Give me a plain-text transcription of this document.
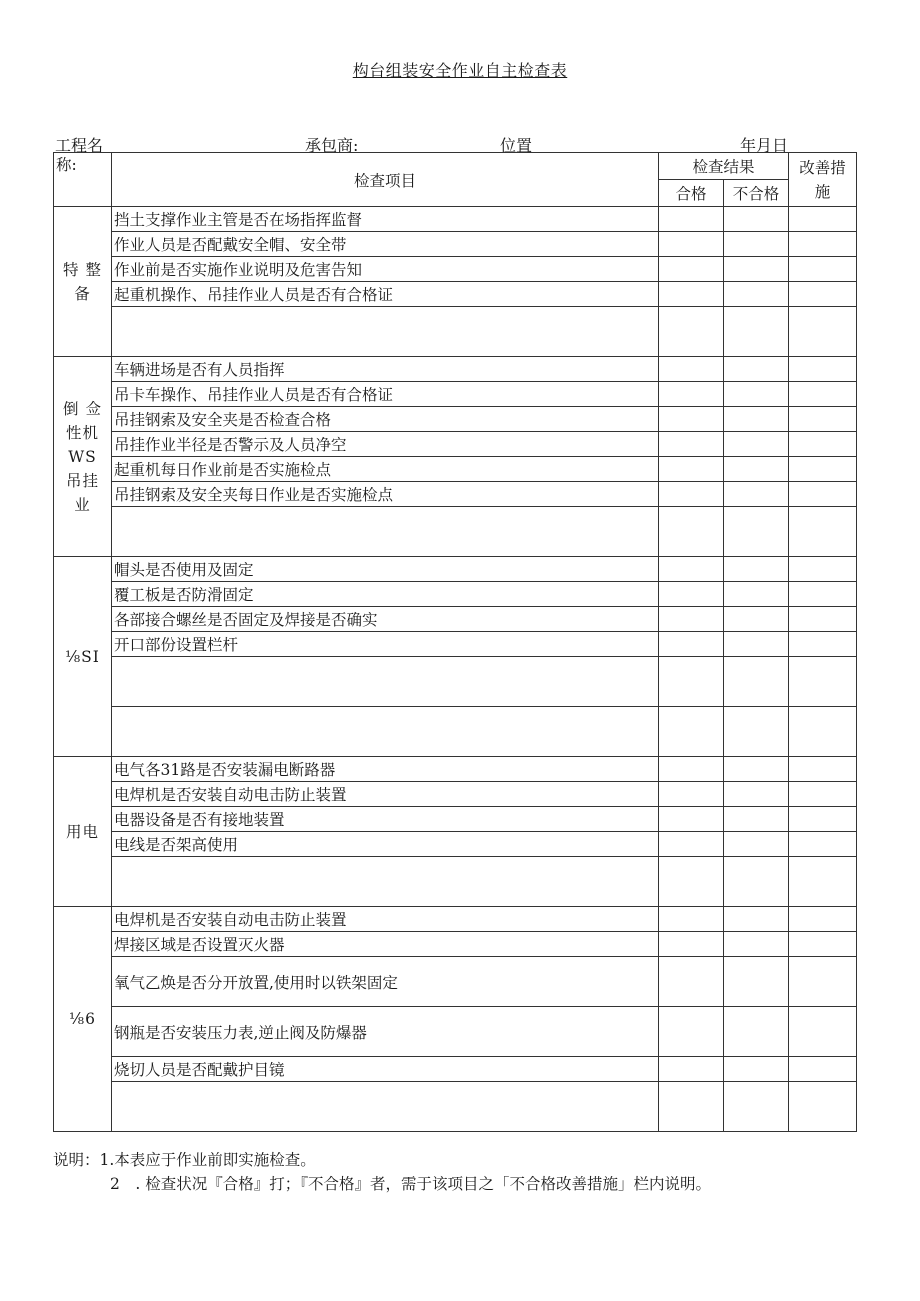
构台组装安全作业自主检查表
工程名	承包商:	位置	年月日
称:	检查项目	检查结果		改善措施
		合格	不合格	
特 整
备	挡土支撑作业主管是否在场指挥监督			
	作业人员是否配戴安全帽、安全带			
	作业前是否实施作业说明及危害告知			
	起重机操作、吊挂作业人员是否有合格证			

倒 佥
性机
WS
吊挂
业	车辆进场是否有人员指挥			
	吊卡车操作、吊挂作业人员是否有合格证			
	吊挂钢索及安全夹是否检查合格			
	吊挂作业半径是否警示及人员净空			
	起重机每日作业前是否实施检点			
	吊挂钢索及安全夹每日作业是否实施检点			

⅛SI	帽头是否使用及固定			
	覆工板是否防滑固定			
	各部接合螺丝是否固定及焊接是否确实			
	开口部份设置栏杆			

用电	电气各31路是否安装漏电断路器			
	电焊机是否安装自动电击防止装置			
	电器设备是否有接地装置			
	电线是否架高使用			

⅛6	电焊机是否安装自动电击防止装置			
	焊接区域是否设置灭火器			
	氧气乙焕是否分开放置,使用时以铁架固定			
	钢瓶是否安装压力表,逆止阀及防爆器			
	烧切人员是否配戴护目镜			

说明：1.本表应于作业前即实施检查。
2　. 检查状况『合格』打；『不合格』者，需于该项目之「不合格改善措施」栏内说明。
